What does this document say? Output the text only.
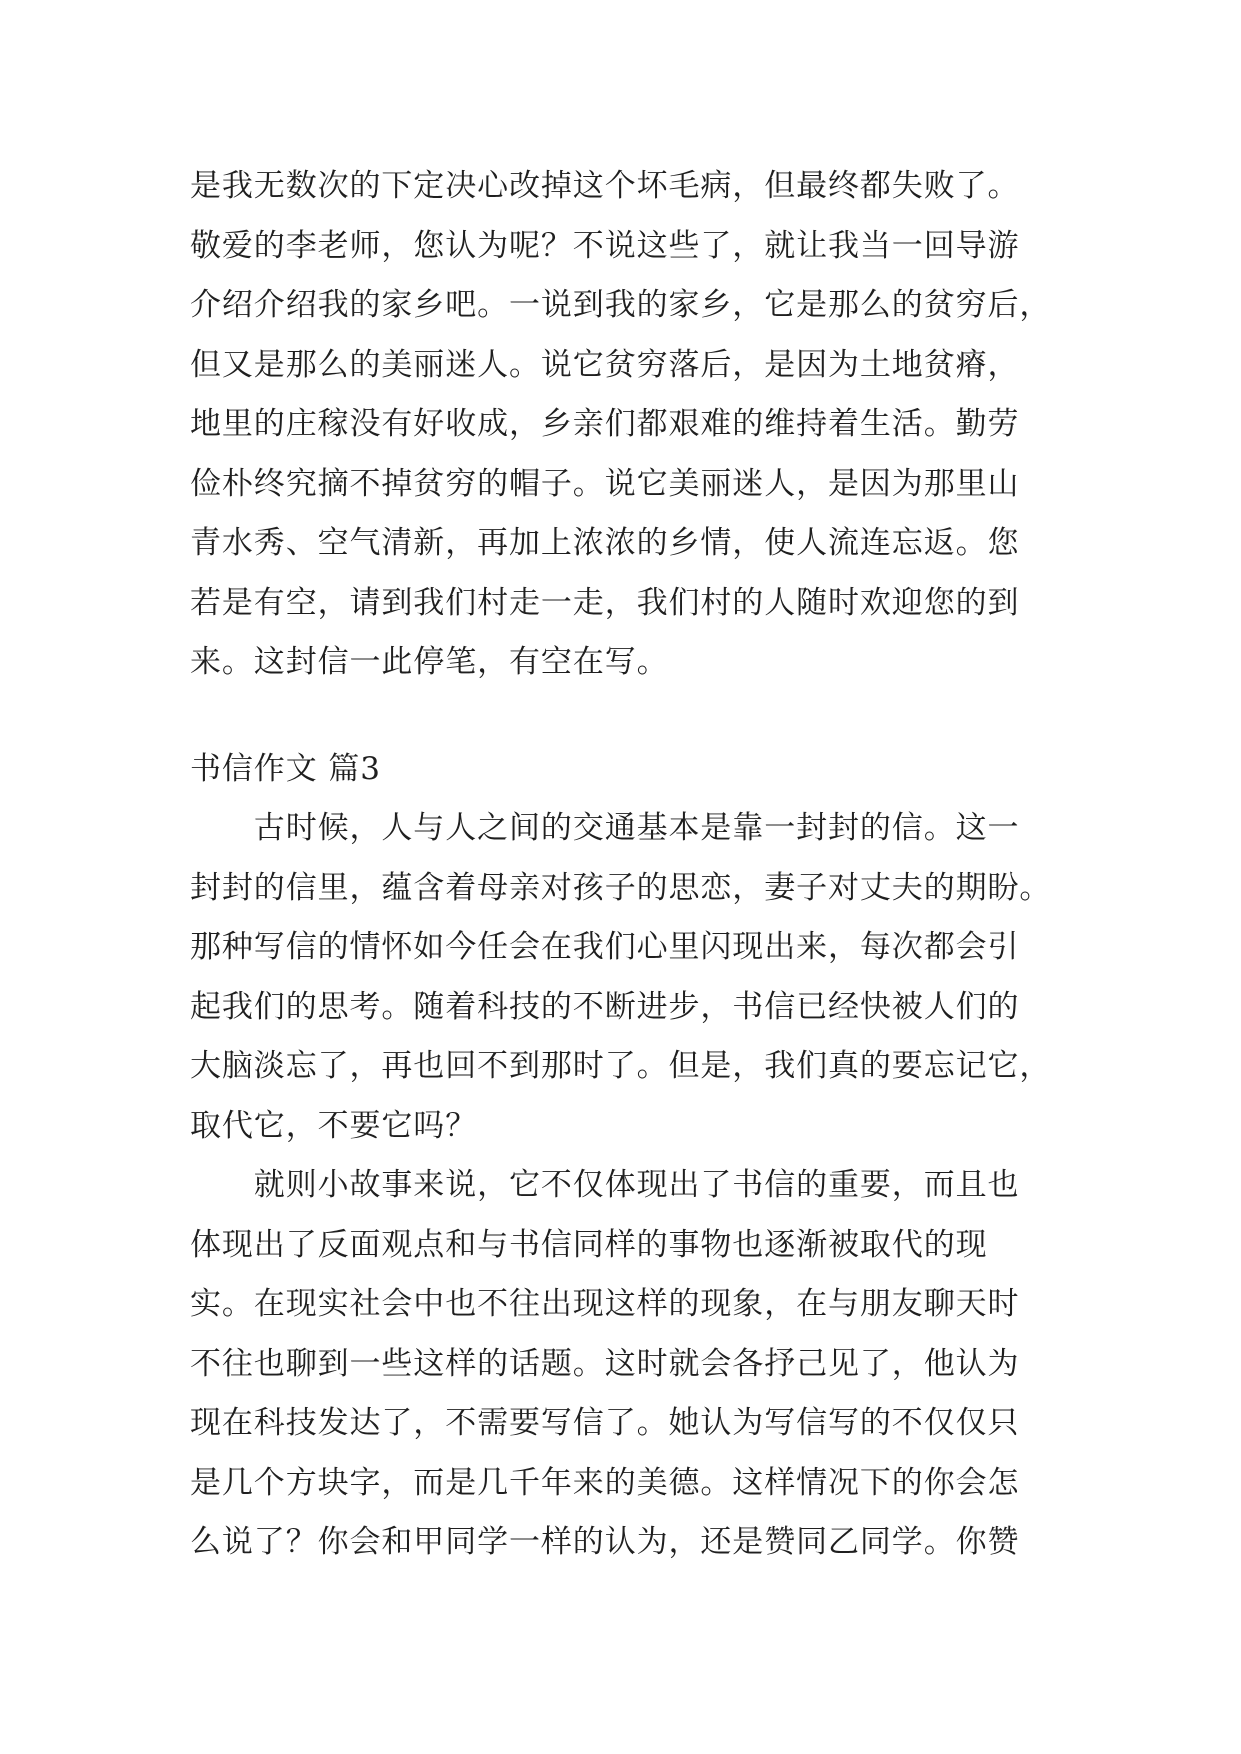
是我无数次的下定决心改掉这个坏毛病，但最终都失败了。
敬爱的李老师，您认为呢？不说这些了，就让我当一回导游
介绍介绍我的家乡吧。一说到我的家乡，它是那么的贫穷后，
但又是那么的美丽迷人。说它贫穷落后，是因为土地贫瘠，
地里的庄稼没有好收成，乡亲们都艰难的维持着生活。勤劳
俭朴终究摘不掉贫穷的帽子。说它美丽迷人，是因为那里山
青水秀、空气清新，再加上浓浓的乡情，使人流连忘返。您
若是有空，请到我们村走一走，我们村的人随时欢迎您的到
来。这封信一此停笔，有空在写。
书信作文 篇3
　　古时候，人与人之间的交通基本是靠一封封的信。这一
封封的信里，蕴含着母亲对孩子的思恋，妻子对丈夫的期盼。
那种写信的情怀如今任会在我们心里闪现出来，每次都会引
起我们的思考。随着科技的不断进步，书信已经快被人们的
大脑淡忘了，再也回不到那时了。但是，我们真的要忘记它，
取代它，不要它吗？
　　就则小故事来说，它不仅体现出了书信的重要，而且也
体现出了反面观点和与书信同样的事物也逐渐被取代的现
实。在现实社会中也不往出现这样的现象，在与朋友聊天时
不往也聊到一些这样的话题。这时就会各抒己见了，他认为
现在科技发达了，不需要写信了。她认为写信写的不仅仅只
是几个方块字，而是几千年来的美德。这样情况下的你会怎
么说了？你会和甲同学一样的认为，还是赞同乙同学。你赞
